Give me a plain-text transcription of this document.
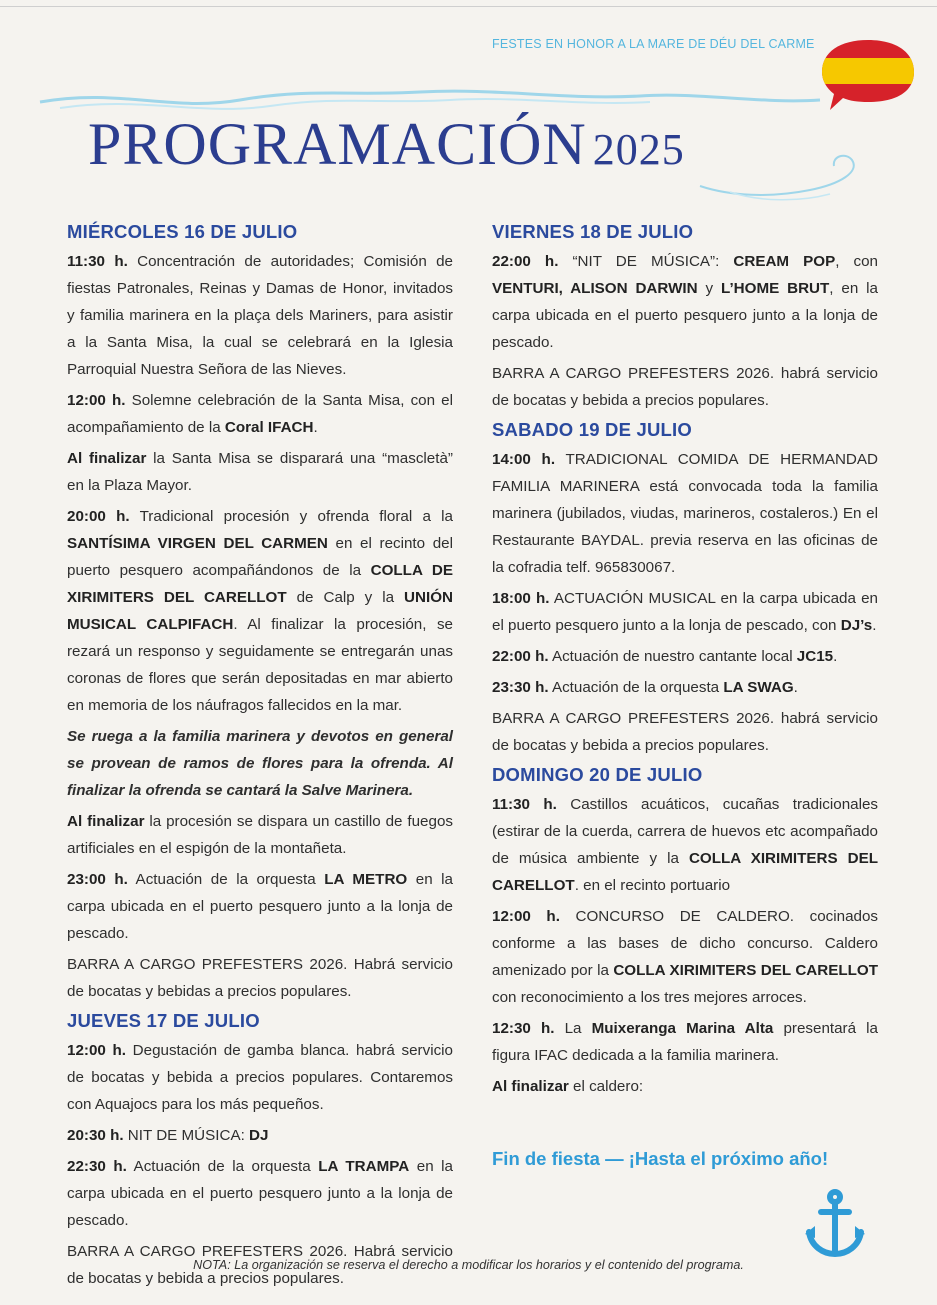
FESTES EN HONOR A LA MARE DE DÉU DEL CARME
PROGRAMACIÓN 2025
MIÉRCOLES 16 DE JULIO

11:30 h. Concentración de autoridades; Comisión de fiestas Patronales, Reinas y Damas de Honor, invitados y familia marinera en la plaça dels Mariners, para asistir a la Santa Misa, la cual se celebrará en la Iglesia Parroquial Nuestra Señora de las Nieves.

12:00 h. Solemne celebración de la Santa Misa, con el acompañamiento de la Coral IFACH.

Al finalizar la Santa Misa se disparará una “mascletà” en la Plaza Mayor.

20:00 h. Tradicional procesión y ofrenda floral a la SANTÍSIMA VIRGEN DEL CARMEN en el recinto del puerto pesquero acompañándonos de la COLLA DE XIRIMITERS DEL CARELLOT de Calp y la UNIÓN MUSICAL CALPIFACH. Al finalizar la procesión, se rezará un responso y seguidamente se entregarán unas coronas de flores que serán depositadas en mar abierto en memoria de los náufragos fallecidos en la mar.

Se ruega a la familia marinera y devotos en general se provean de ramos de flores para la ofrenda. Al finalizar la ofrenda se cantará la Salve Marinera.

Al finalizar la procesión se dispara un castillo de fuegos artificiales en el espigón de la montañeta.

23:00 h. Actuación de la orquesta LA METRO en la carpa ubicada en el puerto pesquero junto a la lonja de pescado.

BARRA A CARGO PREFESTERS 2026. Habrá servicio de bocatas y bebidas a precios populares.

JUEVES 17 DE JULIO

12:00 h. Degustación de gamba blanca. habrá servicio de bocatas y bebida a precios populares. Contaremos con Aquajocs para los más pequeños.

20:30 h. NIT DE MÚSICA: DJ

22:30 h. Actuación de la orquesta LA TRAMPA en la carpa ubicada en el puerto pesquero junto a la lonja de pescado.

BARRA A CARGO PREFESTERS 2026. Habrá servicio de bocatas y bebida a precios populares.

VIERNES 18 DE JULIO

22:00 h. “NIT DE MÚSICA”: CREAM POP, con VENTURI, ALISON DARWIN y L’HOME BRUT, en la carpa ubicada en el puerto pesquero junto a la lonja de pescado.

BARRA A CARGO PREFESTERS 2026. habrá servicio de bocatas y bebida a precios populares.

SABADO 19 DE JULIO

14:00 h. TRADICIONAL COMIDA DE HERMANDAD FAMILIA MARINERA está convocada toda la familia marinera (jubilados, viudas, marineros, costaleros.) En el Restaurante BAYDAL. previa reserva en las oficinas de la cofradia telf. 965830067.

18:00 h. ACTUACIÓN MUSICAL en la carpa ubicada en el puerto pesquero junto a la lonja de pescado, con DJ’s.

22:00 h. Actuación de nuestro cantante local JC15.

23:30 h. Actuación de la orquesta LA SWAG.

BARRA A CARGO PREFESTERS 2026. habrá servicio de bocatas y bebida a precios populares.

DOMINGO 20 DE JULIO

11:30 h. Castillos acuáticos, cucañas tradicionales (estirar de la cuerda, carrera de huevos etc acompañado de música ambiente y la COLLA XIRIMITERS DEL CARELLOT. en el recinto portuario

12:00 h. CONCURSO DE CALDERO. cocinados conforme a las bases de dicho concurso. Caldero amenizado por la COLLA XIRIMITERS DEL CARELLOT con reconocimiento a los tres mejores arroces.

12:30 h. La Muixeranga Marina Alta presentará la figura IFAC dedicada a la familia marinera.

Al finalizar el caldero:

Fin de fiesta — ¡Hasta el próximo año!
NOTA: La organización se reserva el derecho a modificar los horarios y el contenido del programa.
